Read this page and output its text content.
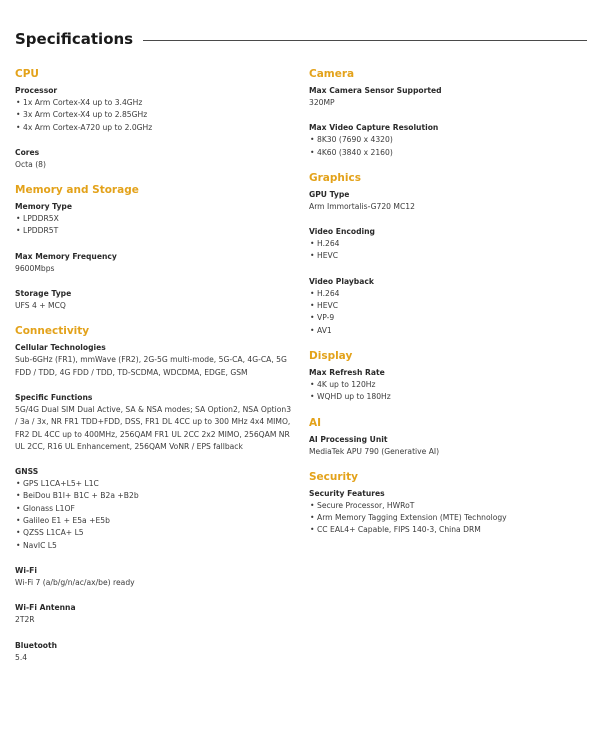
Specifications
CPU
Processor
• 1x Arm Cortex-X4 up to 3.4GHz
• 3x Arm Cortex-X4 up to 2.85GHz
• 4x Arm Cortex-A720 up to 2.0GHz
Cores
Octa (8)
Memory and Storage
Memory Type
• LPDDR5X
• LPDDR5T
Max Memory Frequency
9600Mbps
Storage Type
UFS 4 + MCQ
Connectivity
Cellular Technologies
Sub-6GHz (FR1), mmWave (FR2), 2G-5G multi-mode, 5G-CA, 4G-CA, 5G FDD / TDD, 4G FDD / TDD, TD-SCDMA, WDCDMA, EDGE, GSM
Specific Functions
5G/4G Dual SIM Dual Active, SA & NSA modes; SA Option2, NSA Option3 / 3a / 3x, NR FR1 TDD+FDD, DSS, FR1 DL 4CC up to 300 MHz 4x4 MIMO, FR2 DL 4CC up to 400MHz, 256QAM FR1 UL 2CC 2x2 MIMO, 256QAM NR UL 2CC, R16 UL Enhancement, 256QAM VoNR / EPS fallback
GNSS
• GPS L1CA+L5+ L1C
• BeiDou B1I+ B1C + B2a +B2b
• Glonass L1OF
• Galileo E1 + E5a +E5b
• QZSS L1CA+ L5
• NavIC L5
Wi-Fi
Wi-Fi 7 (a/b/g/n/ac/ax/be) ready
Wi-Fi Antenna
2T2R
Bluetooth
5.4
Camera
Max Camera Sensor Supported
320MP
Max Video Capture Resolution
• 8K30 (7690 x 4320)
• 4K60 (3840 x 2160)
Graphics
GPU Type
Arm Immortalis-G720 MC12
Video Encoding
• H.264
• HEVC
Video Playback
• H.264
• HEVC
• VP-9
• AV1
Display
Max Refresh Rate
• 4K up to 120Hz
• WQHD up to 180Hz
AI
AI Processing Unit
MediaTek APU 790 (Generative AI)
Security
Security Features
• Secure Processor, HWRoT
• Arm Memory Tagging Extension (MTE) Technology
• CC EAL4+ Capable, FIPS 140-3, China DRM
